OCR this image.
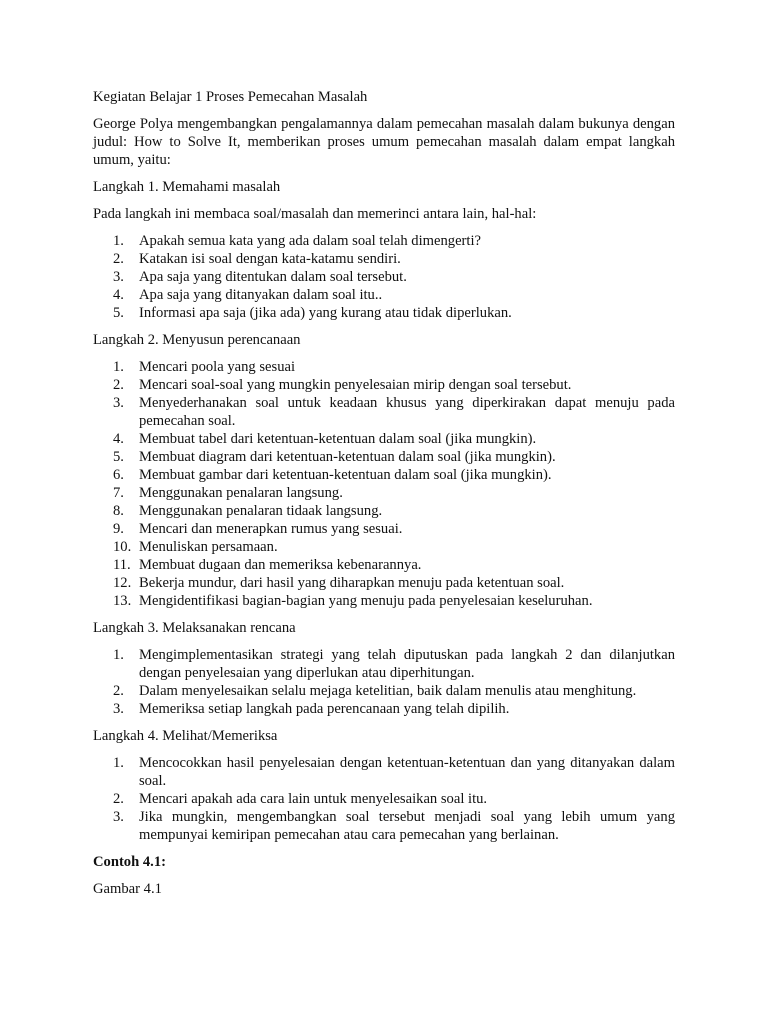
Kegiatan Belajar 1 Proses Pemecahan Masalah

George Polya mengembangkan pengalamannya dalam pemecahan masalah dalam bukunya dengan judul: How to Solve It, memberikan proses umum pemecahan masalah dalam empat langkah umum, yaitu:

Langkah 1. Memahami masalah

Pada langkah ini membaca soal/masalah dan memerinci antara lain, hal-hal:

1.	Apakah semua kata yang ada dalam soal telah dimengerti?
2.	Katakan isi soal dengan kata-katamu sendiri.
3.	Apa saja yang ditentukan dalam soal tersebut.
4.	Apa saja yang ditanyakan dalam soal itu..
5.	Informasi apa saja (jika ada) yang kurang atau tidak diperlukan.

Langkah 2. Menyusun perencanaan

1.	Mencari poola yang sesuai
2.	Mencari soal-soal yang mungkin penyelesaian mirip dengan soal tersebut.
3.	Menyederhanakan soal untuk keadaan khusus yang diperkirakan dapat menuju pada pemecahan soal.
4.	Membuat tabel dari ketentuan-ketentuan dalam soal (jika mungkin).
5.	Membuat diagram dari ketentuan-ketentuan dalam soal (jika mungkin).
6.	Membuat gambar dari ketentuan-ketentuan dalam soal (jika mungkin).
7.	Menggunakan penalaran langsung.
8.	Menggunakan penalaran tidaak langsung.
9.	Mencari dan menerapkan rumus yang sesuai.
10. Menuliskan persamaan.
11. Membuat dugaan dan memeriksa kebenarannya.
12. Bekerja mundur, dari hasil yang diharapkan menuju pada ketentuan soal.
13. Mengidentifikasi bagian-bagian yang menuju pada penyelesaian keseluruhan.

Langkah 3. Melaksanakan rencana

1.	Mengimplementasikan strategi yang telah diputuskan pada langkah 2 dan dilanjutkan dengan penyelesaian yang diperlukan atau diperhitungan.
2.	Dalam menyelesaikan selalu mejaga ketelitian, baik dalam menulis atau menghitung.
3.	Memeriksa setiap langkah pada perencanaan yang telah dipilih.

Langkah 4. Melihat/Memeriksa

1.	Mencocokkan hasil penyelesaian dengan ketentuan-ketentuan dan yang ditanyakan dalam soal.
2.	Mencari apakah ada cara lain untuk menyelesaikan soal itu.
3.	Jika mungkin, mengembangkan soal tersebut menjadi soal yang lebih umum yang mempunyai kemiripan pemecahan atau cara pemecahan yang berlainan.

Contoh 4.1:

Gambar 4.1
